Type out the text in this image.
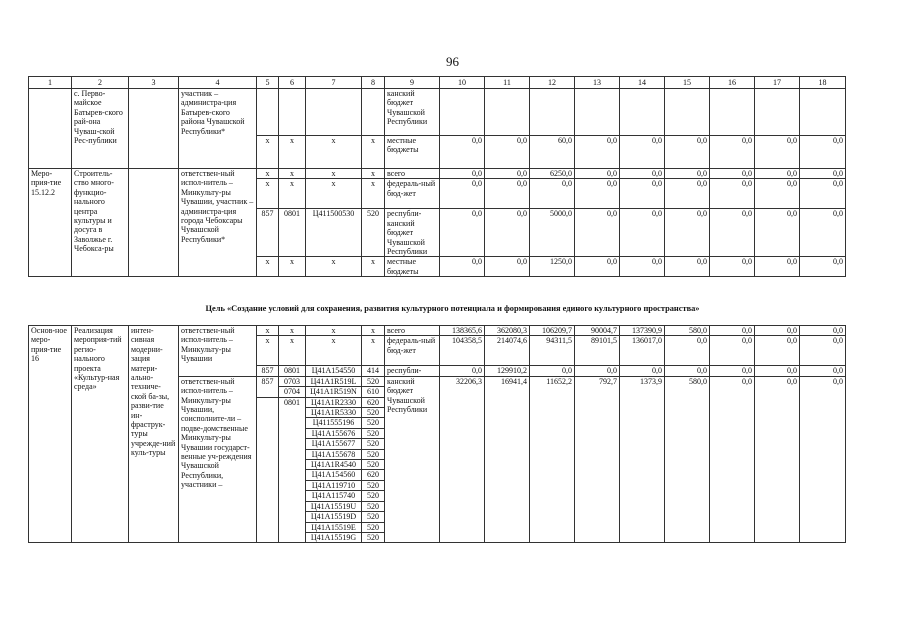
96
1	2	3	4	5	6	7	8	9	10	11	12	13	14	15	16	17	18
	с. Перво-майское Батырев-ского рай-она Чуваш-ской Рес-публики		участник – администра-ция Батырев-ского района Чувашской Республики*					канский бюджет Чувашской Республики									
				x	x	x	x	местные бюджеты	0,0	0,0	60,0	0,0	0,0	0,0	0,0	0,0	0,0
Меро-прия-тие 15.12.2	Строитель-ство много-функцио-нального центра культуры и досуга в Заволжье г. Чебокса-ры		ответствен-ный испол-нитель – Минкульту-ры Чувашии, участник – администра-ция города Чебоксары Чувашской Республики*	x	x	x	x	всего	0,0	0,0	6250,0	0,0	0,0	0,0	0,0	0,0	0,0
				x	x	x	x	федераль-ный бюд-жет	0,0	0,0	0,0	0,0	0,0	0,0	0,0	0,0	0,0
				857	0801	Ц411500530	520	республи-канский бюджет Чувашской Республики	0,0	0,0	5000,0	0,0	0,0	0,0	0,0	0,0	0,0
				x	x	x	x	местные бюджеты	0,0	0,0	1250,0	0,0	0,0	0,0	0,0	0,0	0,0
Цель «Создание условий для сохранения, развития культурного потенциала и формирования единого культурного пространства»
Основ-ное меро-прия-тие 16	Реализация мероприя-тий регио-нального проекта «Культур-ная среда»	интен-сивная модерни-зация матери-ально-техниче-ской ба-зы, разви-тие ин-фраструк-туры учрежде-ний куль-туры	ответствен-ный испол-нитель – Минкульту-ры Чувашии	x	x	x	x	всего	138365,6	362080,3	106209,7	90004,7	137390,9	580,0	0,0	0,0	0,0
				x	x	x	x	федераль-ный бюд-жет	104358,5	214074,6	94311,5	89101,5	136017,0	0,0	0,0	0,0	0,0
				857	0801	Ц41А154550	414	республи-	0,0	129910,2	0,0	0,0	0,0	0,0	0,0	0,0	0,0
			ответствен-ный испол-нитель – Минкульту-ры Чувашии, соисполните-ли – подве-домственные Минкульту-ры Чувашии государст-венные уч-реждения Чувашской Республики, участники –	857	0703	Ц41А1R519L	520	канский бюджет Чувашской Республики	32206,3	16941,4	11652,2	792,7	1373,9	580,0	0,0	0,0	0,0
					0704	Ц41А1R519N	610										
					0801	Ц41А1R2330	620										
						Ц41А1R5330	520										
						Ц411555196	520										
						Ц41А155676	520										
						Ц41А155677	520										
						Ц41А155678	520										
						Ц41А1R4540	520										
						Ц41А154560	620										
						Ц41А119710	520										
						Ц41А115740	520										
						Ц41А15519U	520										
						Ц41А15519D	520										
						Ц41А15519E	520										
						Ц41А15519G	520										
